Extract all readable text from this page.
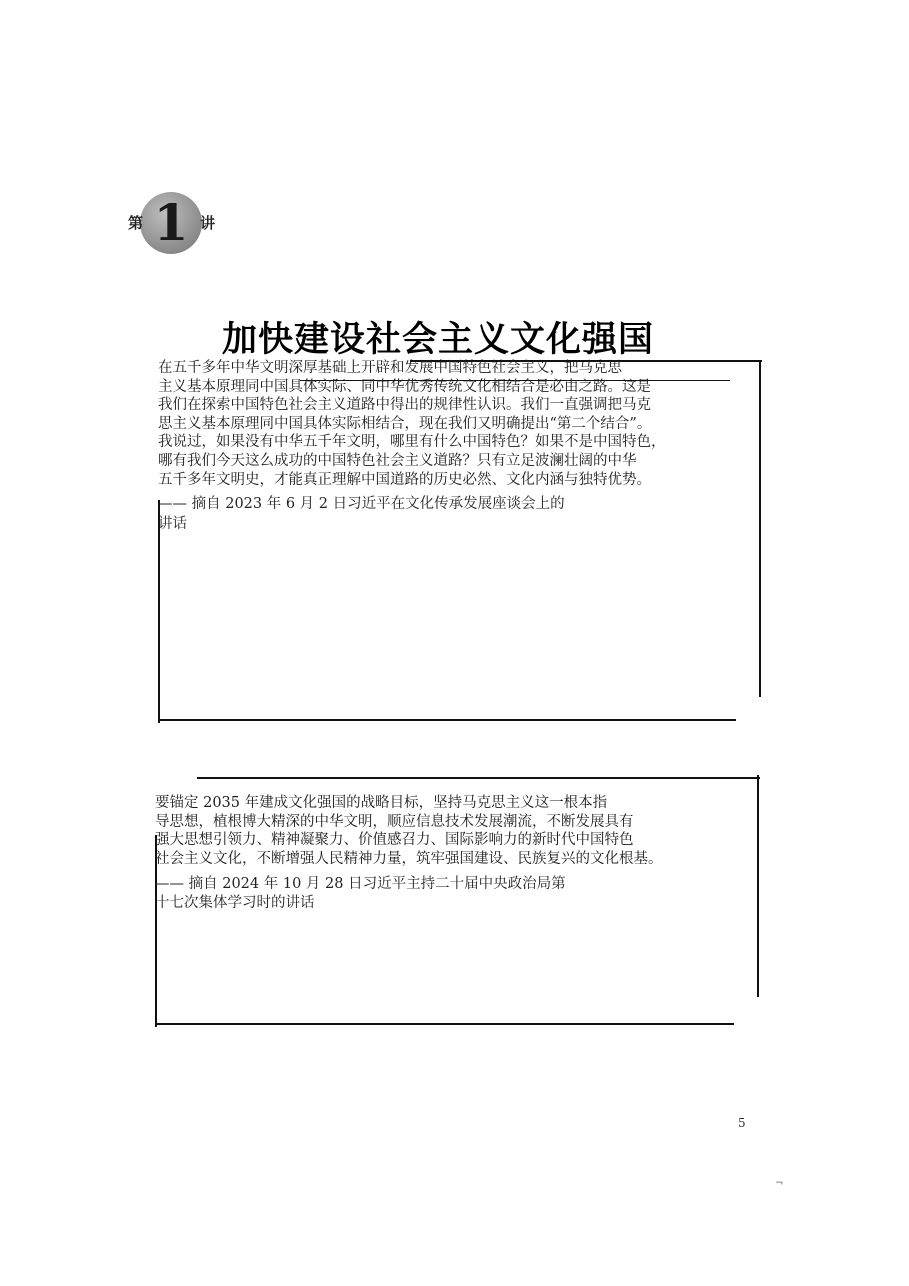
第 1 讲
加快建设社会主义文化强国
在五千多年中华文明深厚基础上开辟和发展中国特色社会主义，把马克思
主义基本原理同中国具体实际、同中华优秀传统文化相结合是必由之路。这是
我们在探索中国特色社会主义道路中得出的规律性认识。我们一直强调把马克
思主义基本原理同中国具体实际相结合，现在我们又明确提出“第二个结合”。
我说过，如果没有中华五千年文明，哪里有什么中国特色？如果不是中国特色，
哪有我们今天这么成功的中国特色社会主义道路？只有立足波澜壮阔的中华
五千多年文明史，才能真正理解中国道路的历史必然、文化内涵与独特优势。
—— 摘自 2023 年 6 月 2 日习近平在文化传承发展座谈会上的
讲话
要锚定 2035 年建成文化强国的战略目标，坚持马克思主义这一根本指
导思想，植根博大精深的中华文明，顺应信息技术发展潮流，不断发展具有
强大思想引领力、精神凝聚力、价值感召力、国际影响力的新时代中国特色
社会主义文化，不断增强人民精神力量，筑牢强国建设、民族复兴的文化根基。
—— 摘自 2024 年 10 月 28 日习近平主持二十届中央政治局第
十七次集体学习时的讲话
5
¬
